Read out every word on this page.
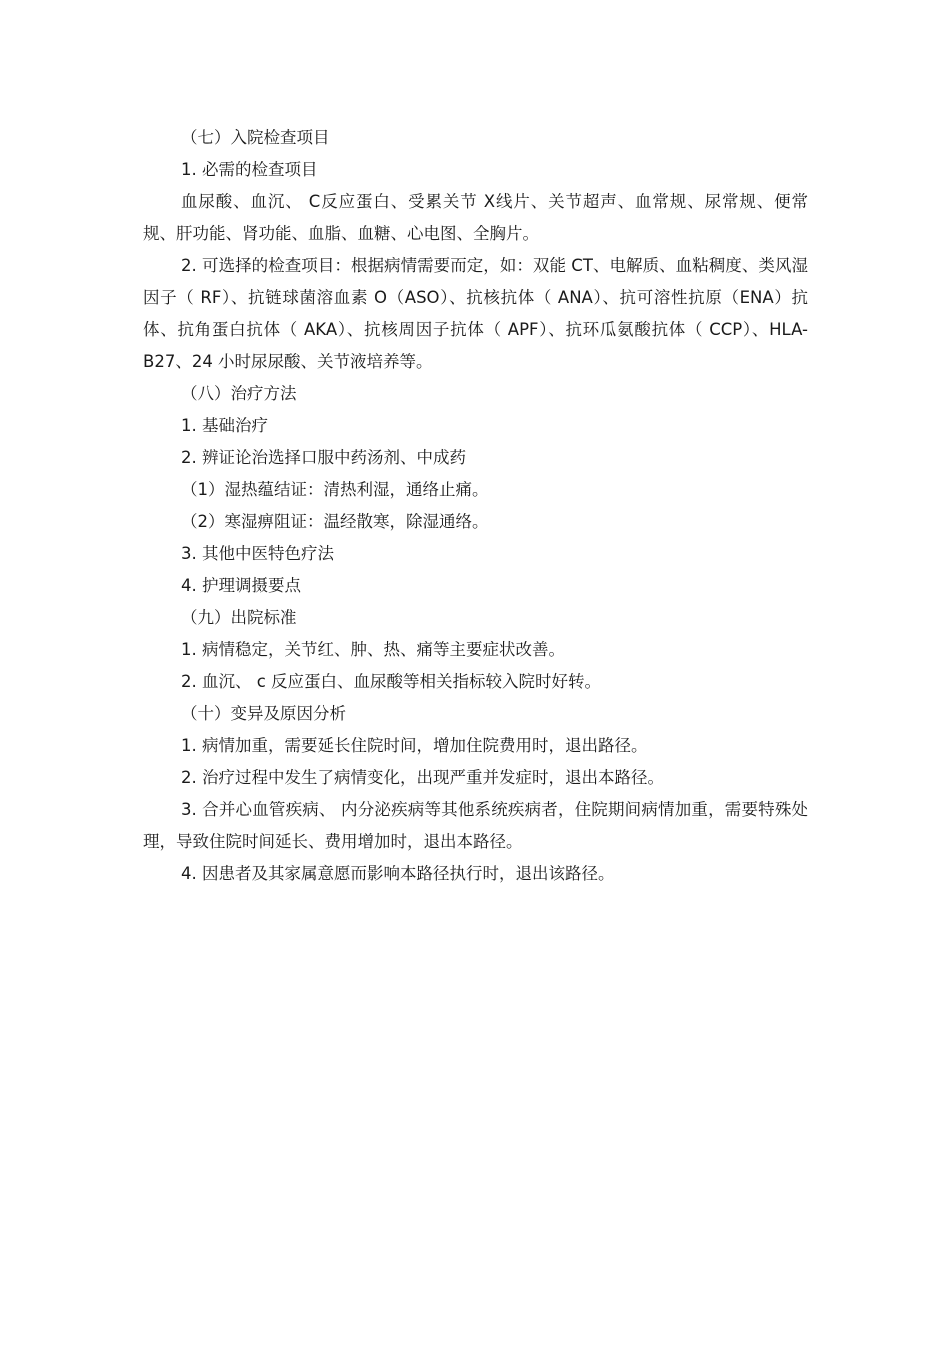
（七）入院检查项目

1. 必需的检查项目

血尿酸、血沉、 C反应蛋白、受累关节 X线片、关节超声、血常规、尿常规、便常规、肝功能、肾功能、血脂、血糖、心电图、全胸片。

2. 可选择的检查项目：根据病情需要而定，如：双能 CT、电解质、血粘稠度、类风湿因子（ RF）、抗链球菌溶血素 O（ASO）、抗核抗体（ ANA）、抗可溶性抗原（ENA）抗体、抗角蛋白抗体（ AKA）、抗核周因子抗体（ APF）、抗环瓜氨酸抗体（ CCP）、HLA-B27、24 小时尿尿酸、关节液培养等。

（八）治疗方法

1. 基础治疗

2. 辨证论治选择口服中药汤剂、中成药

（1）湿热蕴结证：清热利湿，通络止痛。

（2）寒湿痹阻证：温经散寒，除湿通络。

3. 其他中医特色疗法

4. 护理调摄要点

（九）出院标准

1. 病情稳定，关节红、肿、热、痛等主要症状改善。

2. 血沉、 c 反应蛋白、血尿酸等相关指标较入院时好转。

（十）变异及原因分析

1. 病情加重，需要延长住院时间，增加住院费用时，退出路径。

2. 治疗过程中发生了病情变化，出现严重并发症时，退出本路径。

3. 合并心血管疾病、 内分泌疾病等其他系统疾病者，住院期间病情加重，需要特殊处理，导致住院时间延长、费用增加时，退出本路径。

4. 因患者及其家属意愿而影响本路径执行时，退出该路径。
